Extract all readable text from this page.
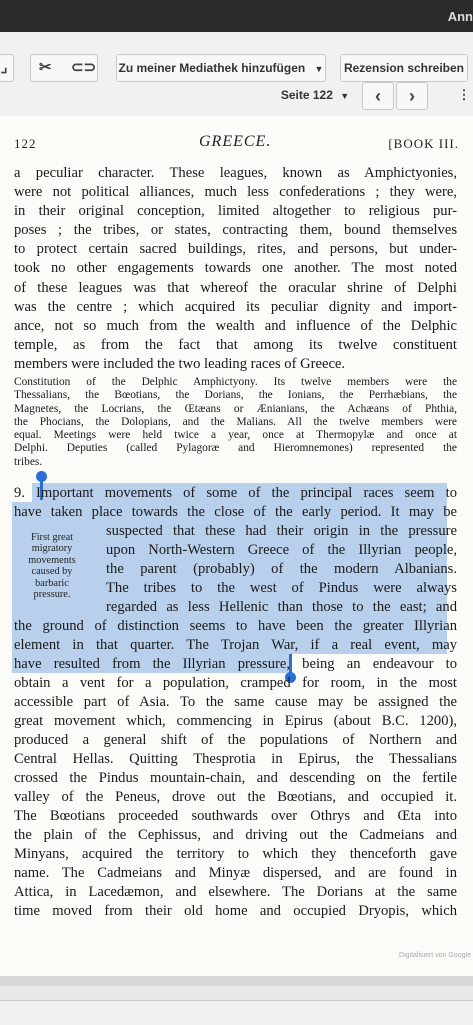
Ann
⌟	✂ ⊂⊃ Zu meiner Mediathek hinzufügen ▼	Rezension schreiben
Seite 122 ▼	‹	›	⋮
122	GREECE.	[BOOK III.
a peculiar character. These leagues, known as Amphictyonies,
were not political alliances, much less confederations ; they were,
in their original conception, limited altogether to religious pur-
poses ; the tribes, or states, contracting them, bound themselves
to protect certain sacred buildings, rites, and persons, but under-
took no other engagements towards one another. The most noted
of these leagues was that whereof the oracular shrine of Delphi
was the centre ; which acquired its peculiar dignity and import-
ance, not so much from the wealth and influence of the Delphic
temple, as from the fact that among its twelve constituent
members were included the two leading races of Greece.
Constitution of the Delphic Amphictyony. Its twelve members were the
Thessalians, the Bœotians, the Dorians, the Ionians, the Perrhæbians, the
Magnetes, the Locrians, the Œtæans or Ænianians, the Achæans of Phthia,
the Phocians, the Dolopians, and the Malians. All the twelve members were
equal. Meetings were held twice a year, once at Thermopylæ and once at
Delphi. Deputies (called Pylagoræ and Hieromnemones) represented the
tribes.
First great
migratory
movements
caused by
barbaric
pressure.
9. Important movements of some of the principal races seem to
have taken place towards the close of the early period. It may be
suspected that these had their origin in the pressure
upon North-Western Greece of the Illyrian people,
the parent (probably) of the modern Albanians.
The tribes to the west of Pindus were always
regarded as less Hellenic than those to the east; and
the ground of distinction seems to have been the greater Illyrian
element in that quarter. The Trojan War, if a real event, may
have resulted from the Illyrian pressure, being an endeavour to
obtain a vent for a population, cramped for room, in the most
accessible part of Asia. To the same cause may be assigned the
great movement which, commencing in Epirus (about B.C. 1200),
produced a general shift of the populations of Northern and
Central Hellas. Quitting Thesprotia in Epirus, the Thessalians
crossed the Pindus mountain-chain, and descending on the fertile
valley of the Peneus, drove out the Bœotians, and occupied it.
The Bœotians proceeded southwards over Othrys and Œta into
the plain of the Cephissus, and driving out the Cadmeians and
Minyans, acquired the territory to which they thenceforth gave
name. The Cadmeians and Minyæ dispersed, and are found in
Attica, in Lacedæmon, and elsewhere. The Dorians at the same
time moved from their old home and occupied Dryopis, which
Digitalisiert von Google
